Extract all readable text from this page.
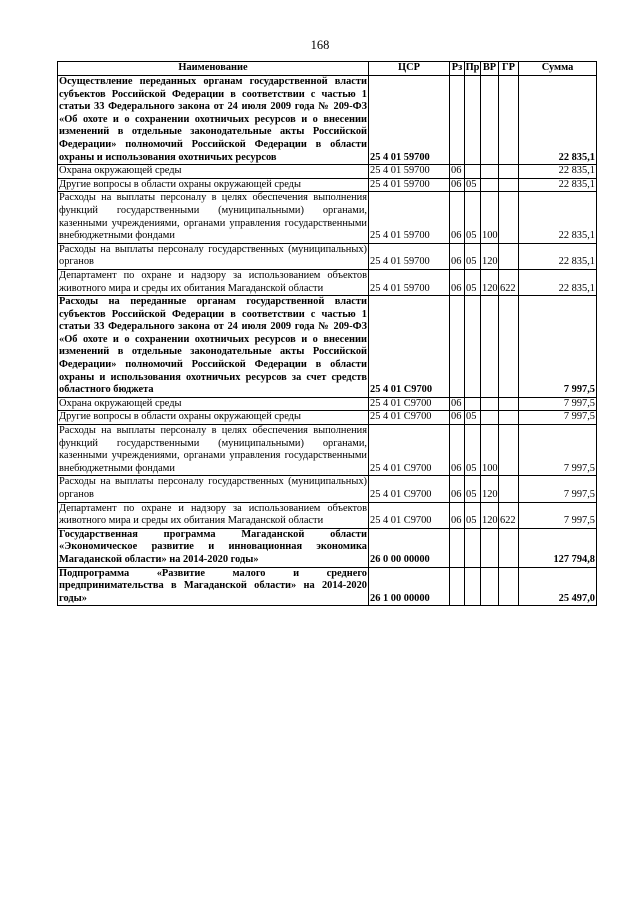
168
Наименование	ЦСР	Рз	Пр	ВР	ГР	Сумма
Осуществление переданных органам государственной власти субъектов Российской Федерации в соответствии с частью 1 статьи 33 Федерального закона от 24 июля 2009 года № 209-ФЗ «Об охоте и о сохранении охотничьих ресурсов и о внесении изменений в отдельные законодательные акты Российской Федерации» полномочий Российской Федерации в области охраны и использования охотничьих ресурсов	25 4 01 59700					22 835,1
Охрана окружающей среды	25 4 01 59700	06				22 835,1
Другие вопросы в области охраны окружающей среды	25 4 01 59700	06	05			22 835,1
Расходы на выплаты персоналу в целях обеспечения выполнения функций государственными (муниципальными) органами, казенными учреждениями, органами управления государственными внебюджетными фондами	25 4 01 59700	06	05	100		22 835,1
Расходы на выплаты персоналу государственных (муниципальных) органов	25 4 01 59700	06	05	120		22 835,1
Департамент по охране и надзору за использованием объектов животного мира и среды их обитания Магаданской области	25 4 01 59700	06	05	120	622	22 835,1
Расходы на переданные органам государственной власти субъектов Российской Федерации в соответствии с частью 1 статьи 33 Федерального закона от 24 июля 2009 года № 209-ФЗ «Об охоте и о сохранении охотничьих ресурсов и о внесении изменений в отдельные законодательные акты Российской Федерации» полномочий Российской Федерации в области охраны и использования охотничьих ресурсов за счет средств областного бюджета	25 4 01 С9700					7 997,5
Охрана окружающей среды	25 4 01 С9700	06				7 997,5
Другие вопросы в области охраны окружающей среды	25 4 01 С9700	06	05			7 997,5
Расходы на выплаты персоналу в целях обеспечения выполнения функций государственными (муниципальными) органами, казенными учреждениями, органами управления государственными внебюджетными фондами	25 4 01 С9700	06	05	100		7 997,5
Расходы на выплаты персоналу государственных (муниципальных) органов	25 4 01 С9700	06	05	120		7 997,5
Департамент по охране и надзору за использованием объектов животного мира и среды их обитания Магаданской области	25 4 01 С9700	06	05	120	622	7 997,5
Государственная программа Магаданской области «Экономическое развитие и инновационная экономика Магаданской области» на 2014-2020 годы»	26 0 00 00000					127 794,8
Подпрограмма «Развитие малого и среднего предпринимательства в Магаданской области» на 2014-2020 годы»	26 1 00 00000					25 497,0
